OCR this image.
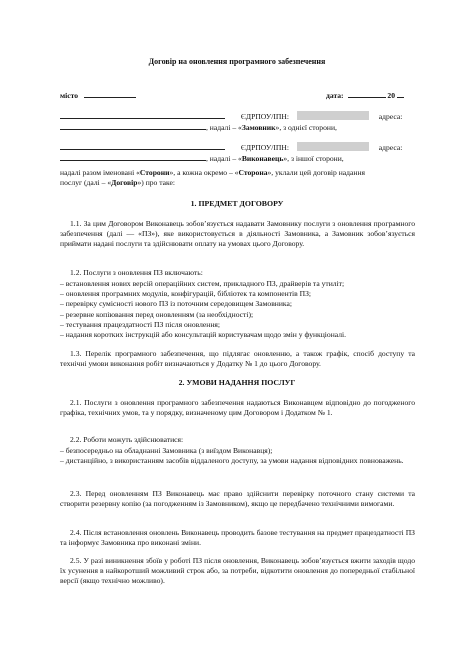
Договір на оновлення програмного забезпечення
місто	дата:	20
ЄДРПОУ/ІПН:	адреса:
, надалі – «Замовник», з однієї сторони,
ЄДРПОУ/ІПН:	адреса:
, надалі – «Виконавець», з іншої сторони,
надалі разом іменовані «Сторони», а кожна окремо – «Сторона», уклали цей договір надання
послуг (далі – «Договір») про таке:
1. ПРЕДМЕТ ДОГОВОРУ
1.1. За цим Договором Виконавець зобов’язується надавати Замовнику послуги з оновлення програмного забезпечення (далі — «ПЗ»), яке використовується в діяльності Замовника, а Замовник зобов’язується приймати надані послуги та здійснювати оплату на умовах цього Договору.
1.2. Послуги з оновлення ПЗ включають:
– встановлення нових версій операційних систем, прикладного ПЗ, драйверів та утиліт;
– оновлення програмних модулів, конфігурацій, бібліотек та компонентів ПЗ;
– перевірку сумісності нового ПЗ із поточним середовищем Замовника;
– резервне копіювання перед оновленням (за необхідності);
– тестування працездатності ПЗ після оновлення;
– надання коротких інструкцій або консультацій користувачам щодо змін у функціоналі.
1.3. Перелік програмного забезпечення, що підлягає оновленню, а також графік, спосіб доступу та технічні умови виконання робіт визначаються у Додатку № 1 до цього Договору.
2. УМОВИ НАДАННЯ ПОСЛУГ
2.1. Послуги з оновлення програмного забезпечення надаються Виконавцем відповідно до погодженого графіка, технічних умов, та у порядку, визначеному цим Договором і Додатком № 1.
2.2. Роботи можуть здійснюватися:
– безпосередньо на обладнанні Замовника (з виїздом Виконавця);
– дистанційно, з використанням засобів віддаленого доступу, за умови надання відповідних повноважень.
2.3. Перед оновленням ПЗ Виконавець має право здійснити перевірку поточного стану системи та створити резервну копію (за погодженням із Замовником), якщо це передбачено технічними вимогами.
2.4. Після встановлення оновлень Виконавець проводить базове тестування на предмет працездатності ПЗ та інформує Замовника про виконані зміни.
2.5. У разі виникнення збоїв у роботі ПЗ після оновлення, Виконавець зобов’язується вжити заходів щодо їх усунення в найкоротший можливий строк або, за потреби, відкотити оновлення до попередньої стабільної версії (якщо технічно можливо).
